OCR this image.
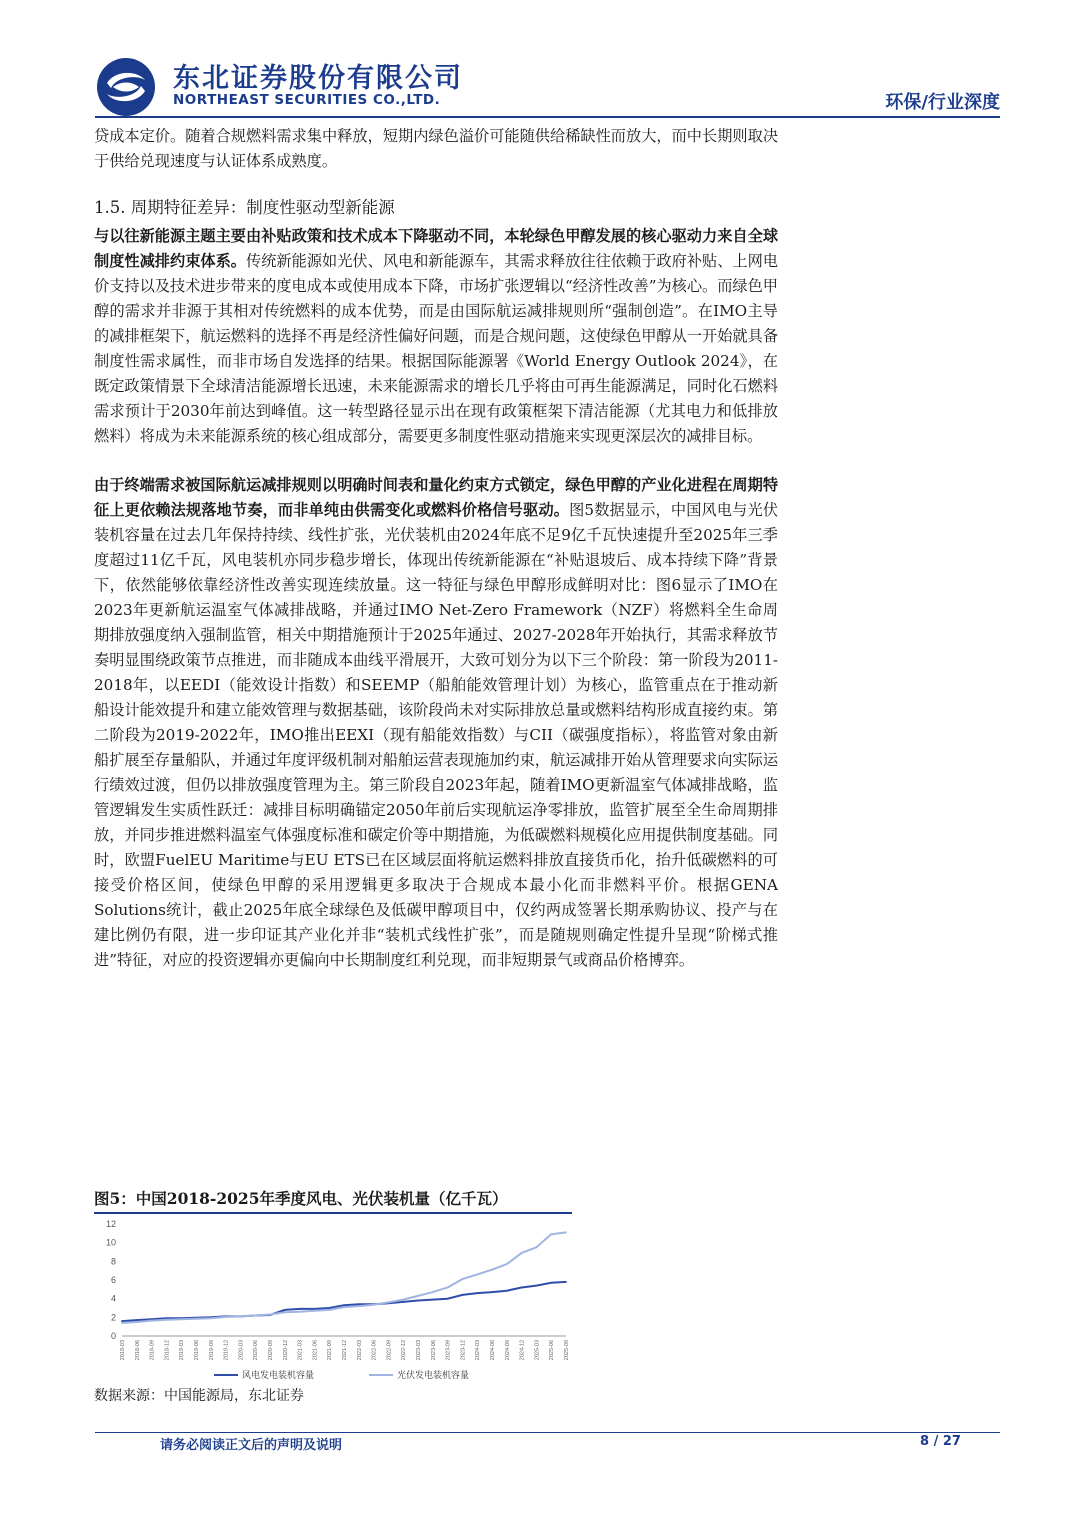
东北证券股份有限公司
NORTHEAST SECURITIES CO.,LTD.	环保/行业深度

贷成本定价。随着合规燃料需求集中释放，短期内绿色溢价可能随供给稀缺性而放大，而中长期则取决于供给兑现速度与认证体系成熟度。

1.5. 周期特征差异：制度性驱动型新能源

与以往新能源主题主要由补贴政策和技术成本下降驱动不同，本轮绿色甲醇发展的核心驱动力来自全球制度性减排约束体系。传统新能源如光伏、风电和新能源车，其需求释放往往依赖于政府补贴、上网电价支持以及技术进步带来的度电成本或使用成本下降，市场扩张逻辑以“经济性改善”为核心。而绿色甲醇的需求并非源于其相对传统燃料的成本优势，而是由国际航运减排规则所“强制创造”。在IMO主导的减排框架下，航运燃料的选择不再是经济性偏好问题，而是合规问题，这使绿色甲醇从一开始就具备制度性需求属性，而非市场自发选择的结果。根据国际能源署《World Energy Outlook 2024》，在既定政策情景下全球清洁能源增长迅速，未来能源需求的增长几乎将由可再生能源满足，同时化石燃料需求预计于2030年前达到峰值。这一转型路径显示出在现有政策框架下清洁能源（尤其电力和低排放燃料）将成为未来能源系统的核心组成部分，需要更多制度性驱动措施来实现更深层次的减排目标。

由于终端需求被国际航运减排规则以明确时间表和量化约束方式锁定，绿色甲醇的产业化进程在周期特征上更依赖法规落地节奏，而非单纯由供需变化或燃料价格信号驱动。图5数据显示，中国风电与光伏装机容量在过去几年保持持续、线性扩张，光伏装机由2024年底不足9亿千瓦快速提升至2025年三季度超过11亿千瓦，风电装机亦同步稳步增长，体现出传统新能源在“补贴退坡后、成本持续下降”背景下，依然能够依靠经济性改善实现连续放量。这一特征与绿色甲醇形成鲜明对比：图6显示了IMO在2023年更新航运温室气体减排战略，并通过IMO Net-Zero Framework（NZF）将燃料全生命周期排放强度纳入强制监管，相关中期措施预计于2025年通过、2027-2028年开始执行，其需求释放节奏明显围绕政策节点推进，而非随成本曲线平滑展开，大致可划分为以下三个阶段：第一阶段为2011-2018年，以EEDI（能效设计指数）和SEEMP（船舶能效管理计划）为核心，监管重点在于推动新船设计能效提升和建立能效管理与数据基础，该阶段尚未对实际排放总量或燃料结构形成直接约束。第二阶段为2019-2022年，IMO推出EEXI（现有船能效指数）与CII（碳强度指标），将监管对象由新船扩展至存量船队，并通过年度评级机制对船舶运营表现施加约束，航运减排开始从管理要求向实际运行绩效过渡，但仍以排放强度管理为主。第三阶段自2023年起，随着IMO更新温室气体减排战略，监管逻辑发生实质性跃迁：减排目标明确锚定2050年前后实现航运净零排放，监管扩展至全生命周期排放，并同步推进燃料温室气体强度标准和碳定价等中期措施，为低碳燃料规模化应用提供制度基础。同时，欧盟FuelEU Maritime与EU ETS已在区域层面将航运燃料排放直接货币化，抬升低碳燃料的可接受价格区间，使绿色甲醇的采用逻辑更多取决于合规成本最小化而非燃料平价。根据GENA Solutions统计，截止2025年底全球绿色及低碳甲醇项目中，仅约两成签署长期承购协议、投产与在建比例仍有限，进一步印证其产业化并非“装机式线性扩张”，而是随规则确定性提升呈现“阶梯式推进”特征，对应的投资逻辑亦更偏向中长期制度红利兑现，而非短期景气或商品价格博弈。

图5：中国2018-2025年季度风电、光伏装机量（亿千瓦）
0
2
4
6
8
10
12
2018-03 2018-06 2018-09 2018-12 2019-03 2019-06 2019-09 2019-12 2020-03 2020-06 2020-09 2020-12 2021-03 2021-06 2021-09 2021-12 2022-03 2022-06 2022-09 2022-12 2023-03 2023-06 2023-09 2023-12 2024-03 2024-06 2024-09 2024-12 2025-03 2025-06 2025-09
风电发电装机容量	光伏发电装机容量
数据来源：中国能源局，东北证券
请务必阅读正文后的声明及说明	8 / 27
